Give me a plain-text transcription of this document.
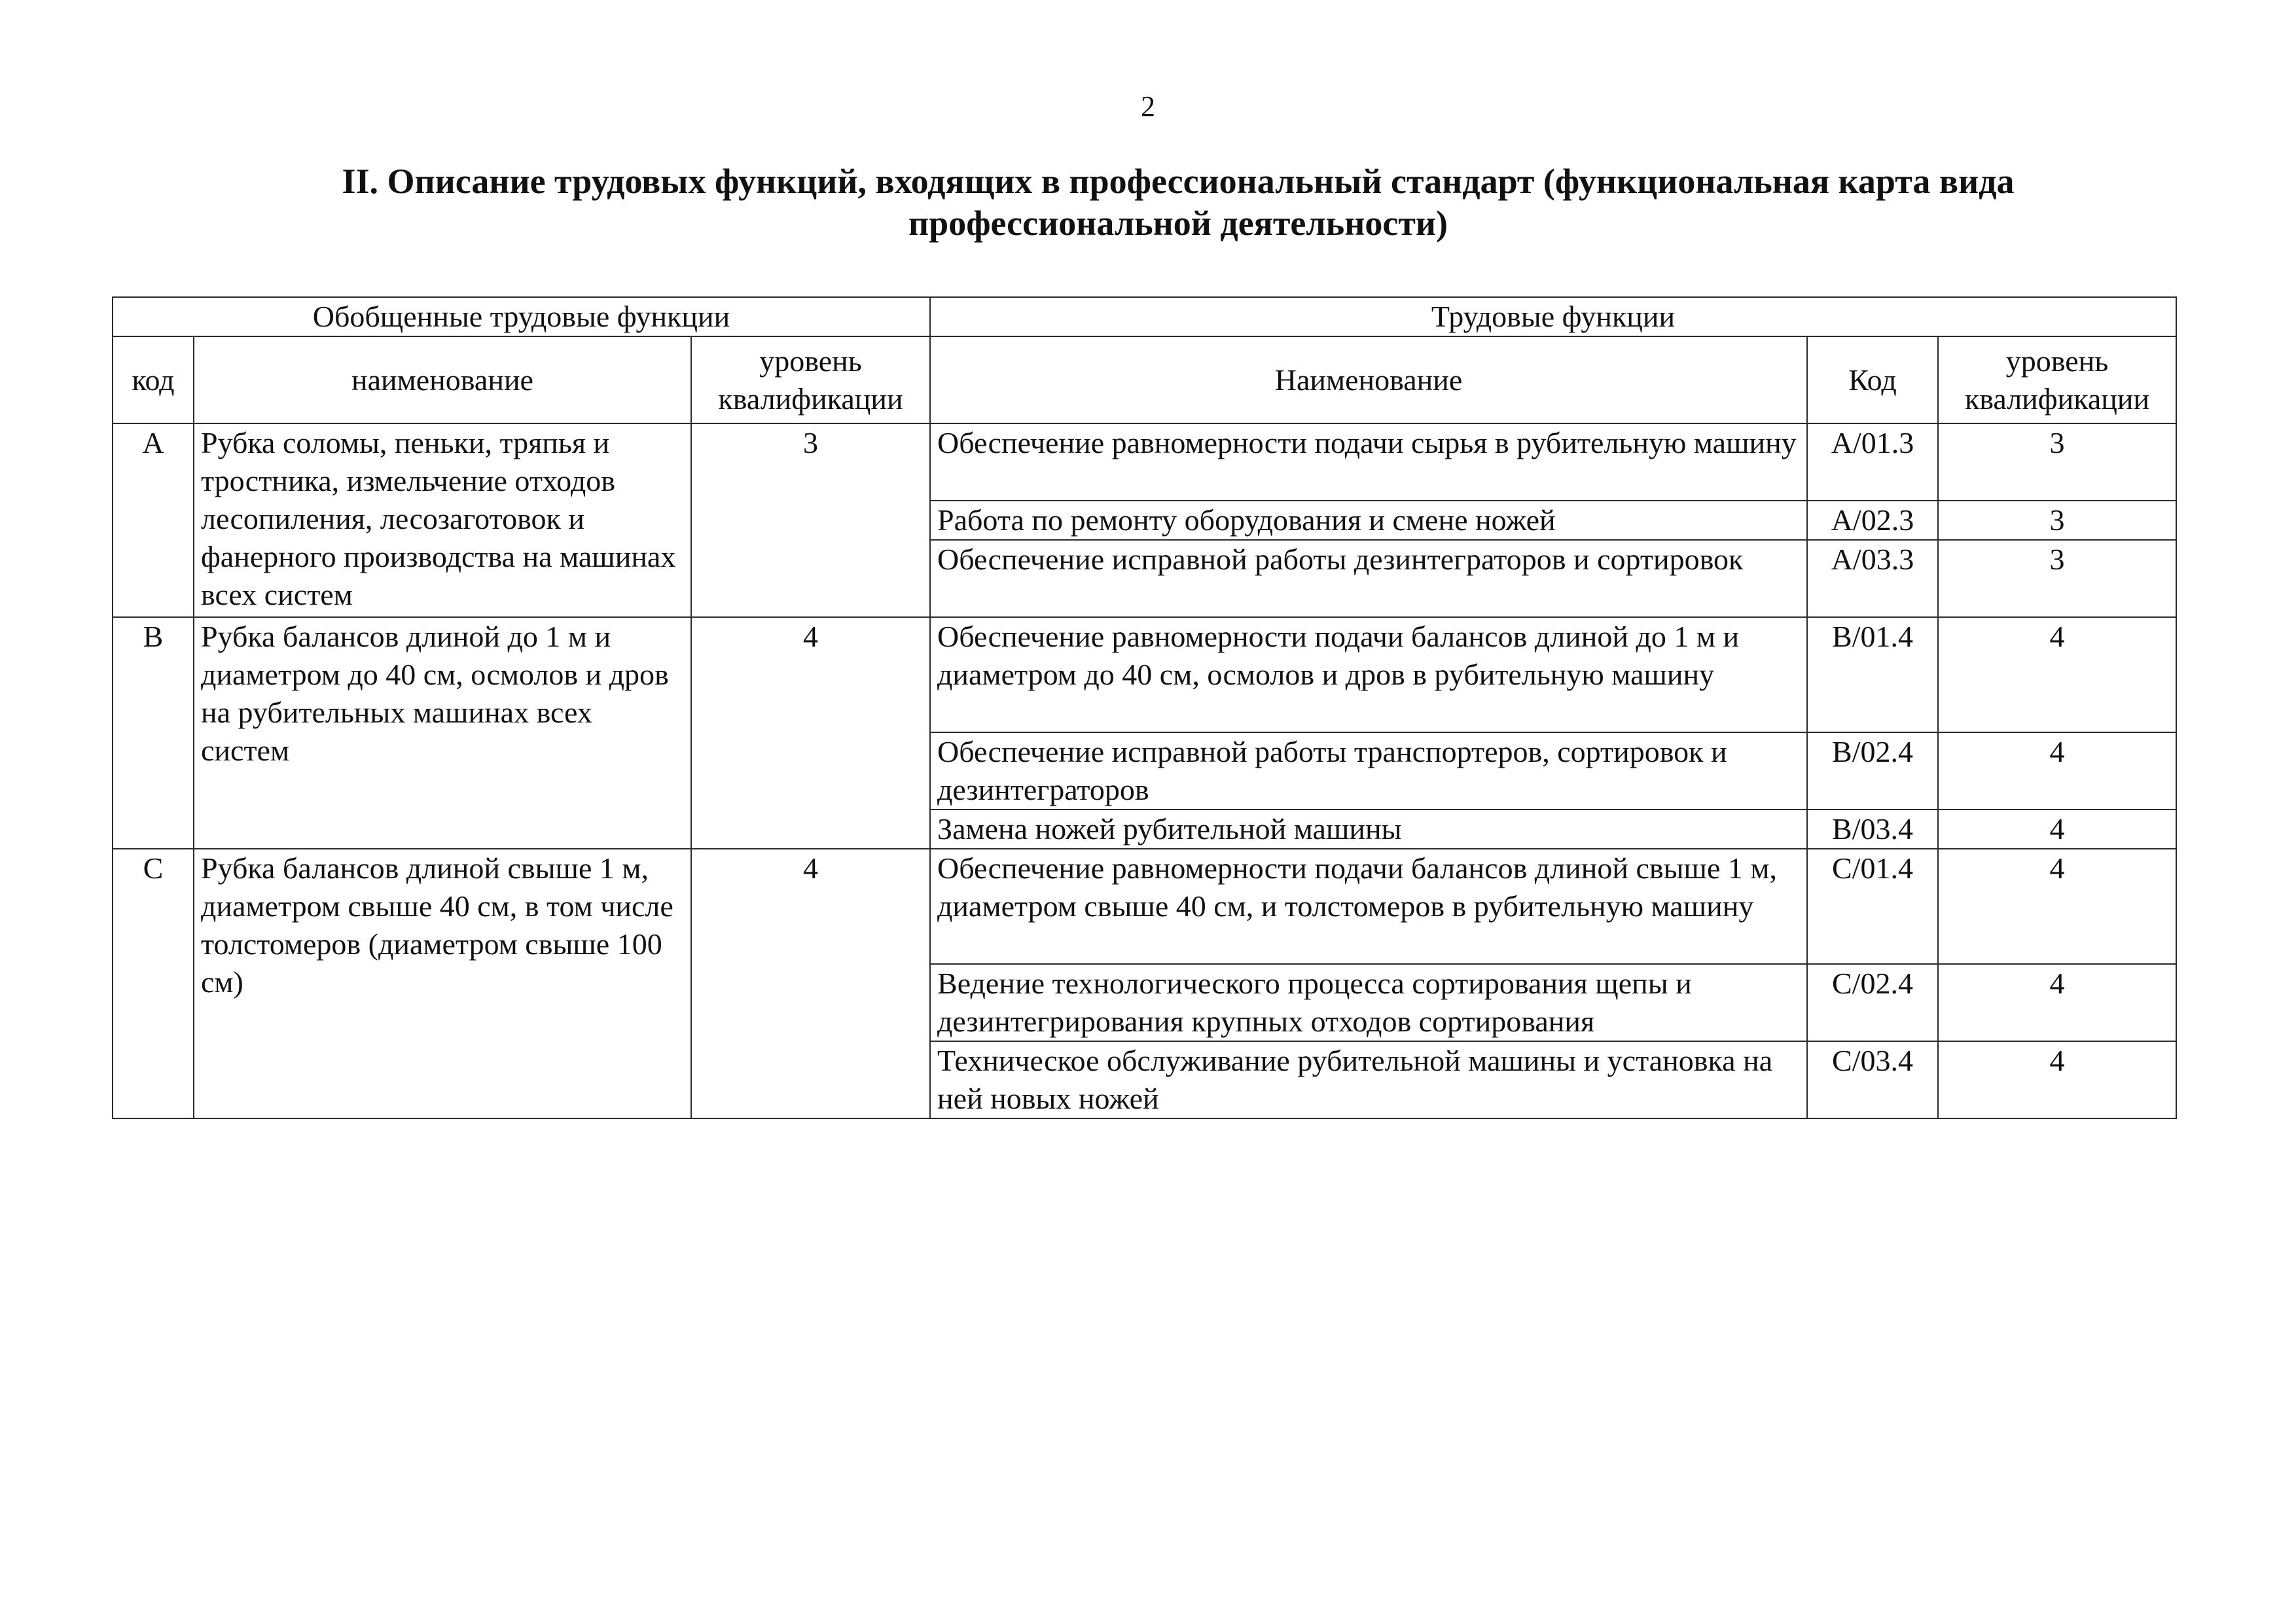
2
II. Описание трудовых функций, входящих в профессиональный стандарт (функциональная карта вида
профессиональной деятельности)
Обобщенные трудовые функции			Трудовые функции		
код	наименование	уровень квалификации	Наименование	Код	уровень квалификации
A	Рубка соломы, пеньки, тряпья и тростника, измельчение отходов лесопиления, лесозаготовок и фанерного производства на машинах всех систем	3	Обеспечение равномерности подачи сырья в рубительную машину	A/01.3	3
			Работа по ремонту оборудования и смене ножей	A/02.3	3
			Обеспечение исправной работы дезинтеграторов и сортировок	A/03.3	3
B	Рубка балансов длиной до 1 м и диаметром до 40 см, осмолов и дров на рубительных машинах всех систем	4	Обеспечение равномерности подачи балансов длиной до 1 м и диаметром до 40 см, осмолов и дров в рубительную машину	B/01.4	4
			Обеспечение исправной работы транспортеров, сортировок и дезинтеграторов	B/02.4	4
			Замена ножей рубительной машины	B/03.4	4
C	Рубка балансов длиной свыше 1 м, диаметром свыше 40 см, в том числе толстомеров (диаметром свыше 100 см)	4	Обеспечение равномерности подачи балансов длиной свыше 1 м, диаметром свыше 40 см, и толстомеров в рубительную машину	C/01.4	4
			Ведение технологического процесса сортирования щепы и дезинтегрирования крупных отходов сортирования	C/02.4	4
			Техническое обслуживание рубительной машины и установка на ней новых ножей	C/03.4	4
